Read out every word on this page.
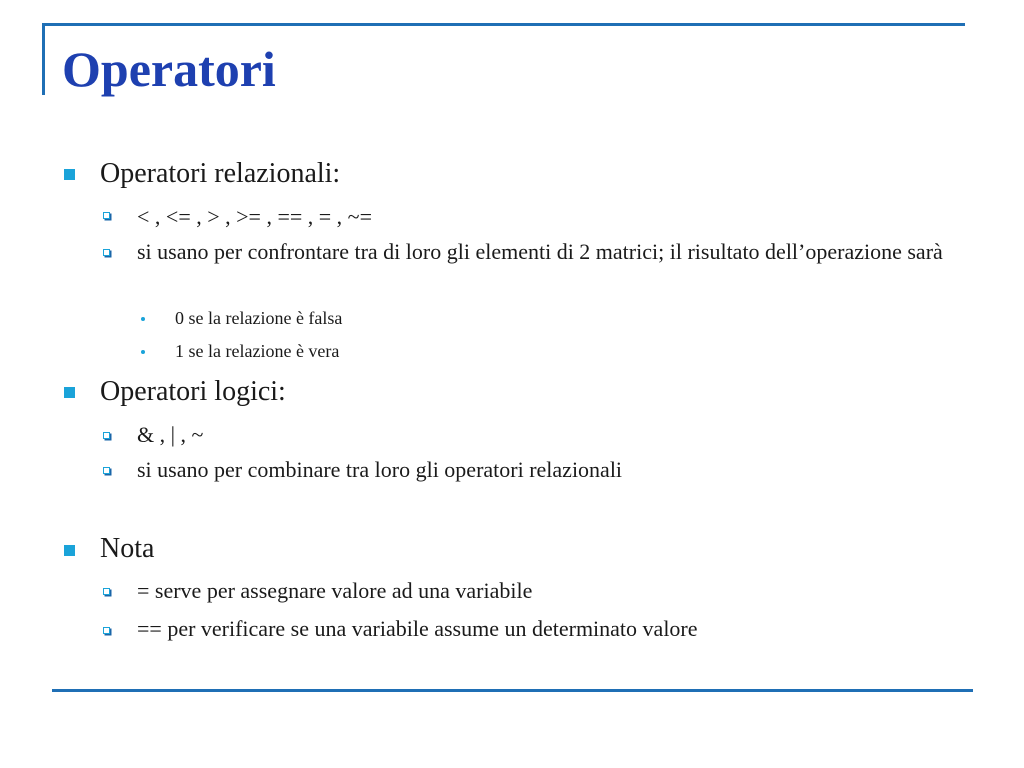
Operatori
Operatori relazionali:
< , <= , > , >= , == , = , ~=
si usano per confrontare tra di loro gli elementi di 2 matrici; il risultato dell’operazione sarà
0 se la relazione è falsa
1 se la relazione è vera
Operatori logici:
& , | , ~
si usano per combinare tra loro gli operatori relazionali
Nota
= serve per assegnare valore ad una variabile
== per verificare se una variabile assume un determinato valore
